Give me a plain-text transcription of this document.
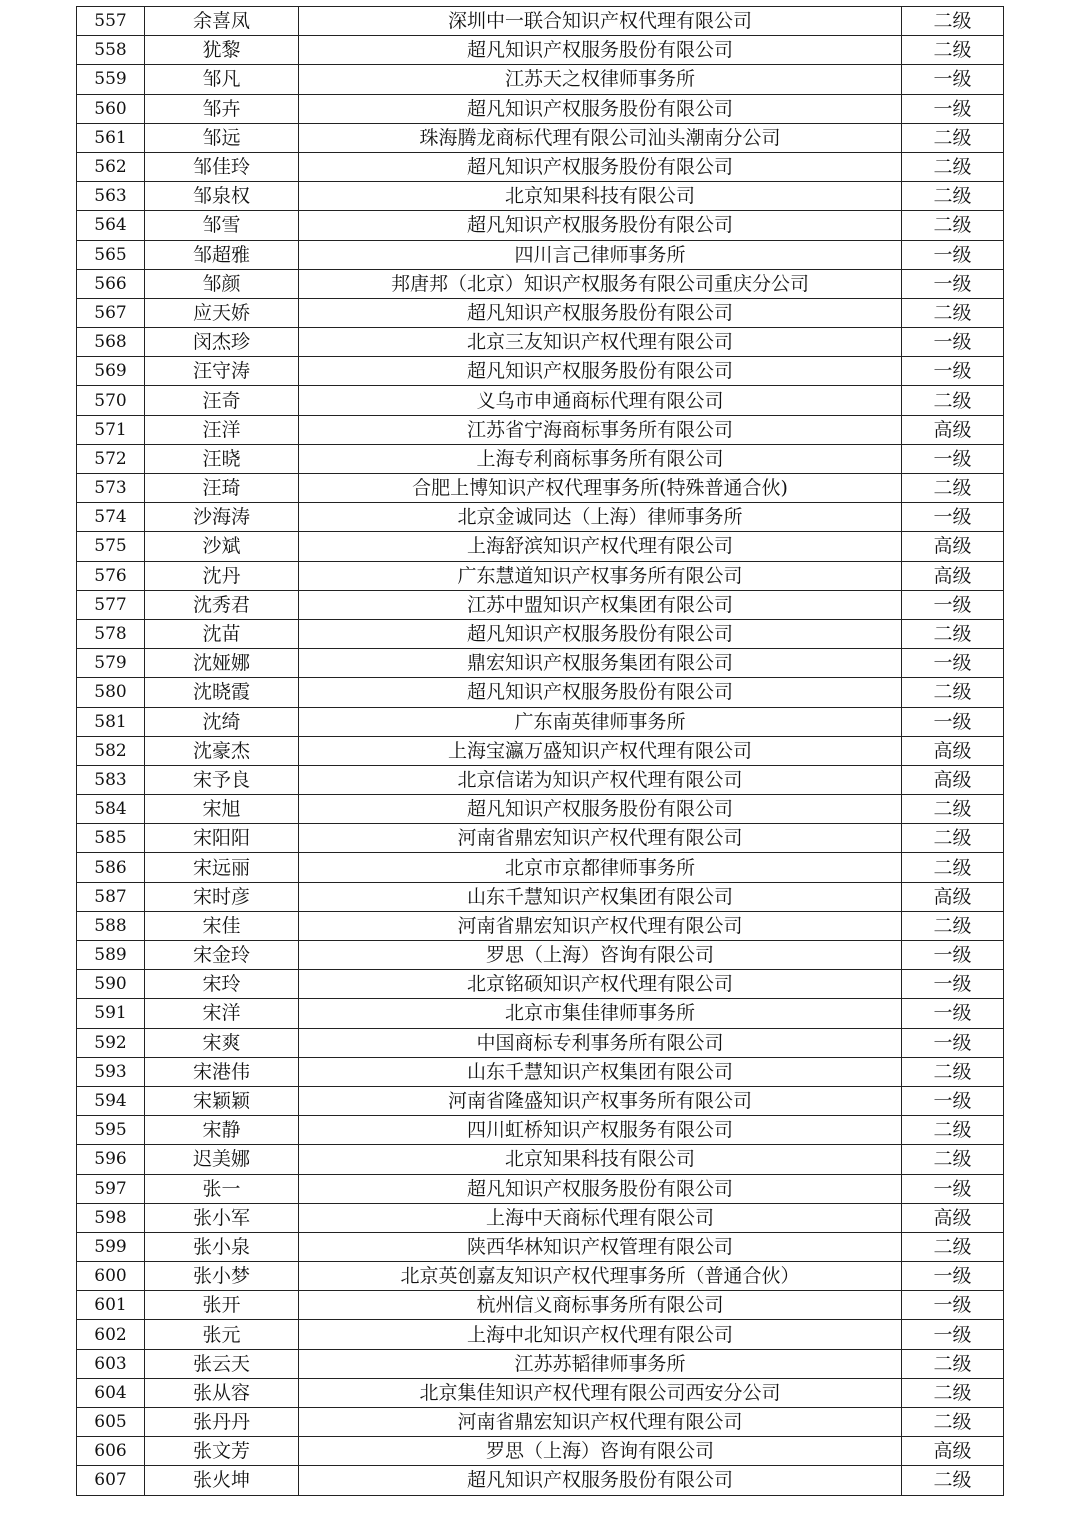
557	余喜凤	深圳中一联合知识产权代理有限公司	二级
558	犹黎	超凡知识产权服务股份有限公司	二级
559	邹凡	江苏天之权律师事务所	一级
560	邹卉	超凡知识产权服务股份有限公司	一级
561	邹远	珠海腾龙商标代理有限公司汕头潮南分公司	二级
562	邹佳玲	超凡知识产权服务股份有限公司	二级
563	邹泉权	北京知果科技有限公司	二级
564	邹雪	超凡知识产权服务股份有限公司	二级
565	邹超雅	四川言己律师事务所	一级
566	邹颜	邦唐邦（北京）知识产权服务有限公司重庆分公司	一级
567	应天娇	超凡知识产权服务股份有限公司	二级
568	闵杰珍	北京三友知识产权代理有限公司	一级
569	汪守涛	超凡知识产权服务股份有限公司	一级
570	汪奇	义乌市申通商标代理有限公司	二级
571	汪洋	江苏省宁海商标事务所有限公司	高级
572	汪晓	上海专利商标事务所有限公司	一级
573	汪琦	合肥上博知识产权代理事务所(特殊普通合伙)	二级
574	沙海涛	北京金诚同达（上海）律师事务所	一级
575	沙斌	上海舒滨知识产权代理有限公司	高级
576	沈丹	广东慧道知识产权事务所有限公司	高级
577	沈秀君	江苏中盟知识产权集团有限公司	一级
578	沈苗	超凡知识产权服务股份有限公司	二级
579	沈娅娜	鼎宏知识产权服务集团有限公司	一级
580	沈晓霞	超凡知识产权服务股份有限公司	二级
581	沈绮	广东南英律师事务所	一级
582	沈豪杰	上海宝瀛万盛知识产权代理有限公司	高级
583	宋予良	北京信诺为知识产权代理有限公司	高级
584	宋旭	超凡知识产权服务股份有限公司	二级
585	宋阳阳	河南省鼎宏知识产权代理有限公司	二级
586	宋远丽	北京市京都律师事务所	二级
587	宋时彦	山东千慧知识产权集团有限公司	高级
588	宋佳	河南省鼎宏知识产权代理有限公司	二级
589	宋金玲	罗思（上海）咨询有限公司	一级
590	宋玲	北京铭硕知识产权代理有限公司	一级
591	宋洋	北京市集佳律师事务所	一级
592	宋爽	中国商标专利事务所有限公司	一级
593	宋港伟	山东千慧知识产权集团有限公司	二级
594	宋颖颖	河南省隆盛知识产权事务所有限公司	一级
595	宋静	四川虹桥知识产权服务有限公司	二级
596	迟美娜	北京知果科技有限公司	二级
597	张一	超凡知识产权服务股份有限公司	一级
598	张小军	上海中天商标代理有限公司	高级
599	张小泉	陕西华林知识产权管理有限公司	二级
600	张小梦	北京英创嘉友知识产权代理事务所（普通合伙）	一级
601	张开	杭州信义商标事务所有限公司	一级
602	张元	上海中北知识产权代理有限公司	一级
603	张云天	江苏苏韬律师事务所	二级
604	张从容	北京集佳知识产权代理有限公司西安分公司	二级
605	张丹丹	河南省鼎宏知识产权代理有限公司	二级
606	张文芳	罗思（上海）咨询有限公司	高级
607	张火坤	超凡知识产权服务股份有限公司	二级
